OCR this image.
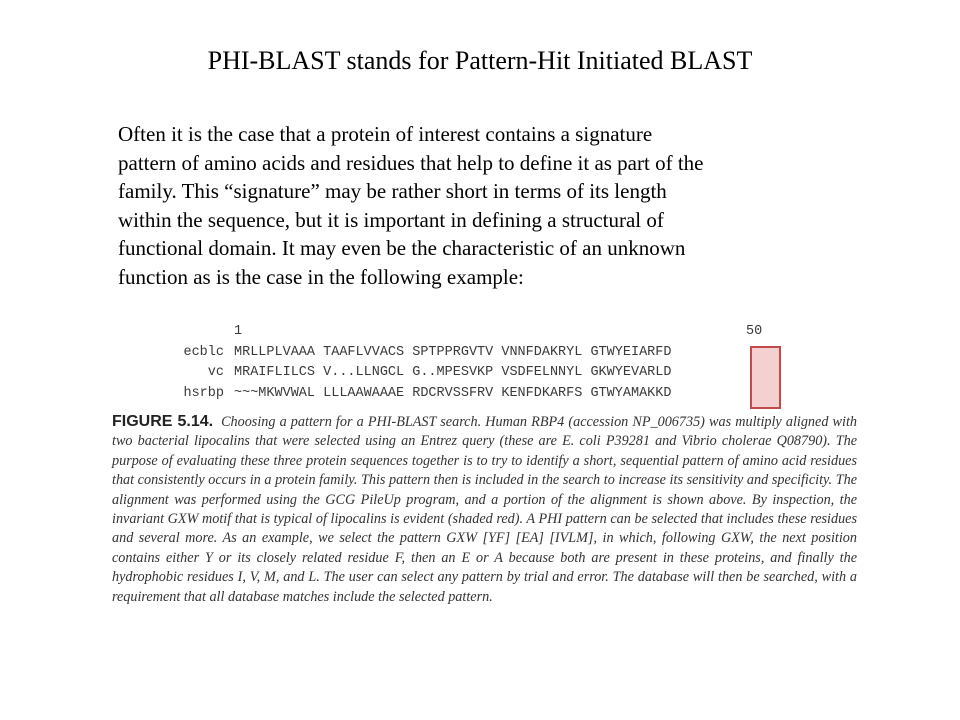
PHI-BLAST stands for Pattern-Hit Initiated BLAST
Often it is the case that a protein of interest contains a signature
pattern of amino acids and residues that help to define it as part of the
family. This “signature” may be rather short in terms of its length
within the sequence, but it is important in defining a structural of
functional domain. It may even be the characteristic of an unknown
function as is the case in the following example:

1

	50

ecblc MRLLPLVAAA TAAFLVVACS SPTPPRGVTV VNNFDAKRYL GTWYEIARFD
vc MRAIFLILCS V...LLNGCL G..MPESVKP VSDFELNNYL GKWYEVARLD
hsrbp ~~~MKWVWAL LLLAAWAAAE RDCRVSSFRV KENFDKARFS GTWYAMAKKD
FIGURE 5.14. Choosing a pattern for a PHI-BLAST search. Human RBP4 (accession NP_006735) was multiply aligned with two bacterial lipocalins that were selected using an Entrez query (these are E. coli P39281 and Vibrio cholerae Q08790). The purpose of evaluating these three protein sequences together is to try to identify a short, sequential pattern of amino acid residues that consistently occurs in a protein family. This pattern then is included in the search to increase its sensitivity and specificity. The alignment was performed using the GCG PileUp program, and a portion of the alignment is shown above. By inspection, the invariant GXW motif that is typical of lipocalins is evident (shaded red). A PHI pattern can be selected that includes these residues and several more. As an example, we select the pattern GXW [YF] [EA] [IVLM], in which, following GXW, the next position contains either Y or its closely related residue F, then an E or A because both are present in these proteins, and finally the hydrophobic residues I, V, M, and L. The user can select any pattern by trial and error. The database will then be searched, with a requirement that all database matches include the selected pattern.
